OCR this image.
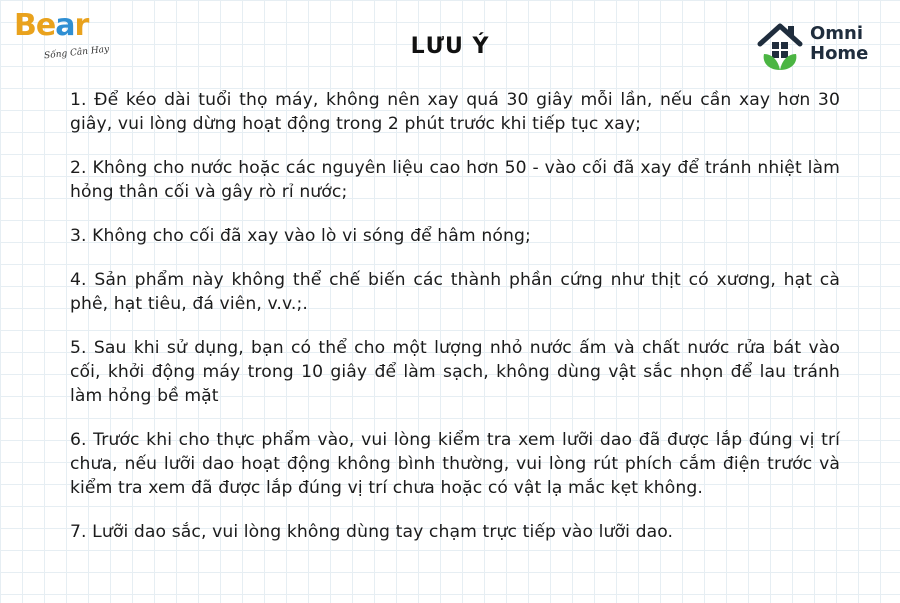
Bear
Sống Cân Hay	LƯU Ý
Omni
Home

1. Để kéo dài tuổi thọ máy, không nên xay quá 30 giây mỗi lần, nếu cần xay hơn 30 giây, vui lòng dừng hoạt động trong 2 phút trước khi tiếp tục xay;

2. Không cho nước hoặc các nguyên liệu cao hơn 50 - vào cối đã xay để tránh nhiệt làm hỏng thân cối và gây rò rỉ nước;

3. Không cho cối đã xay vào lò vi sóng để hâm nóng;

4. Sản phẩm này không thể chế biến các thành phần cứng như thịt có xương, hạt cà phê, hạt tiêu, đá viên, v.v.;.

5. Sau khi sử dụng, bạn có thể cho một lượng nhỏ nước ấm và chất nước rửa bát vào cối, khởi động máy trong 10 giây để làm sạch, không dùng vật sắc nhọn để lau tránh làm hỏng bề mặt

6. Trước khi cho thực phẩm vào, vui lòng kiểm tra xem lưỡi dao đã được lắp đúng vị trí chưa, nếu lưỡi dao hoạt động không bình thường, vui lòng rút phích cắm điện trước và kiểm tra xem đã được lắp đúng vị trí chưa hoặc có vật lạ mắc kẹt không.

7. Lưỡi dao sắc, vui lòng không dùng tay chạm trực tiếp vào lưỡi dao.
